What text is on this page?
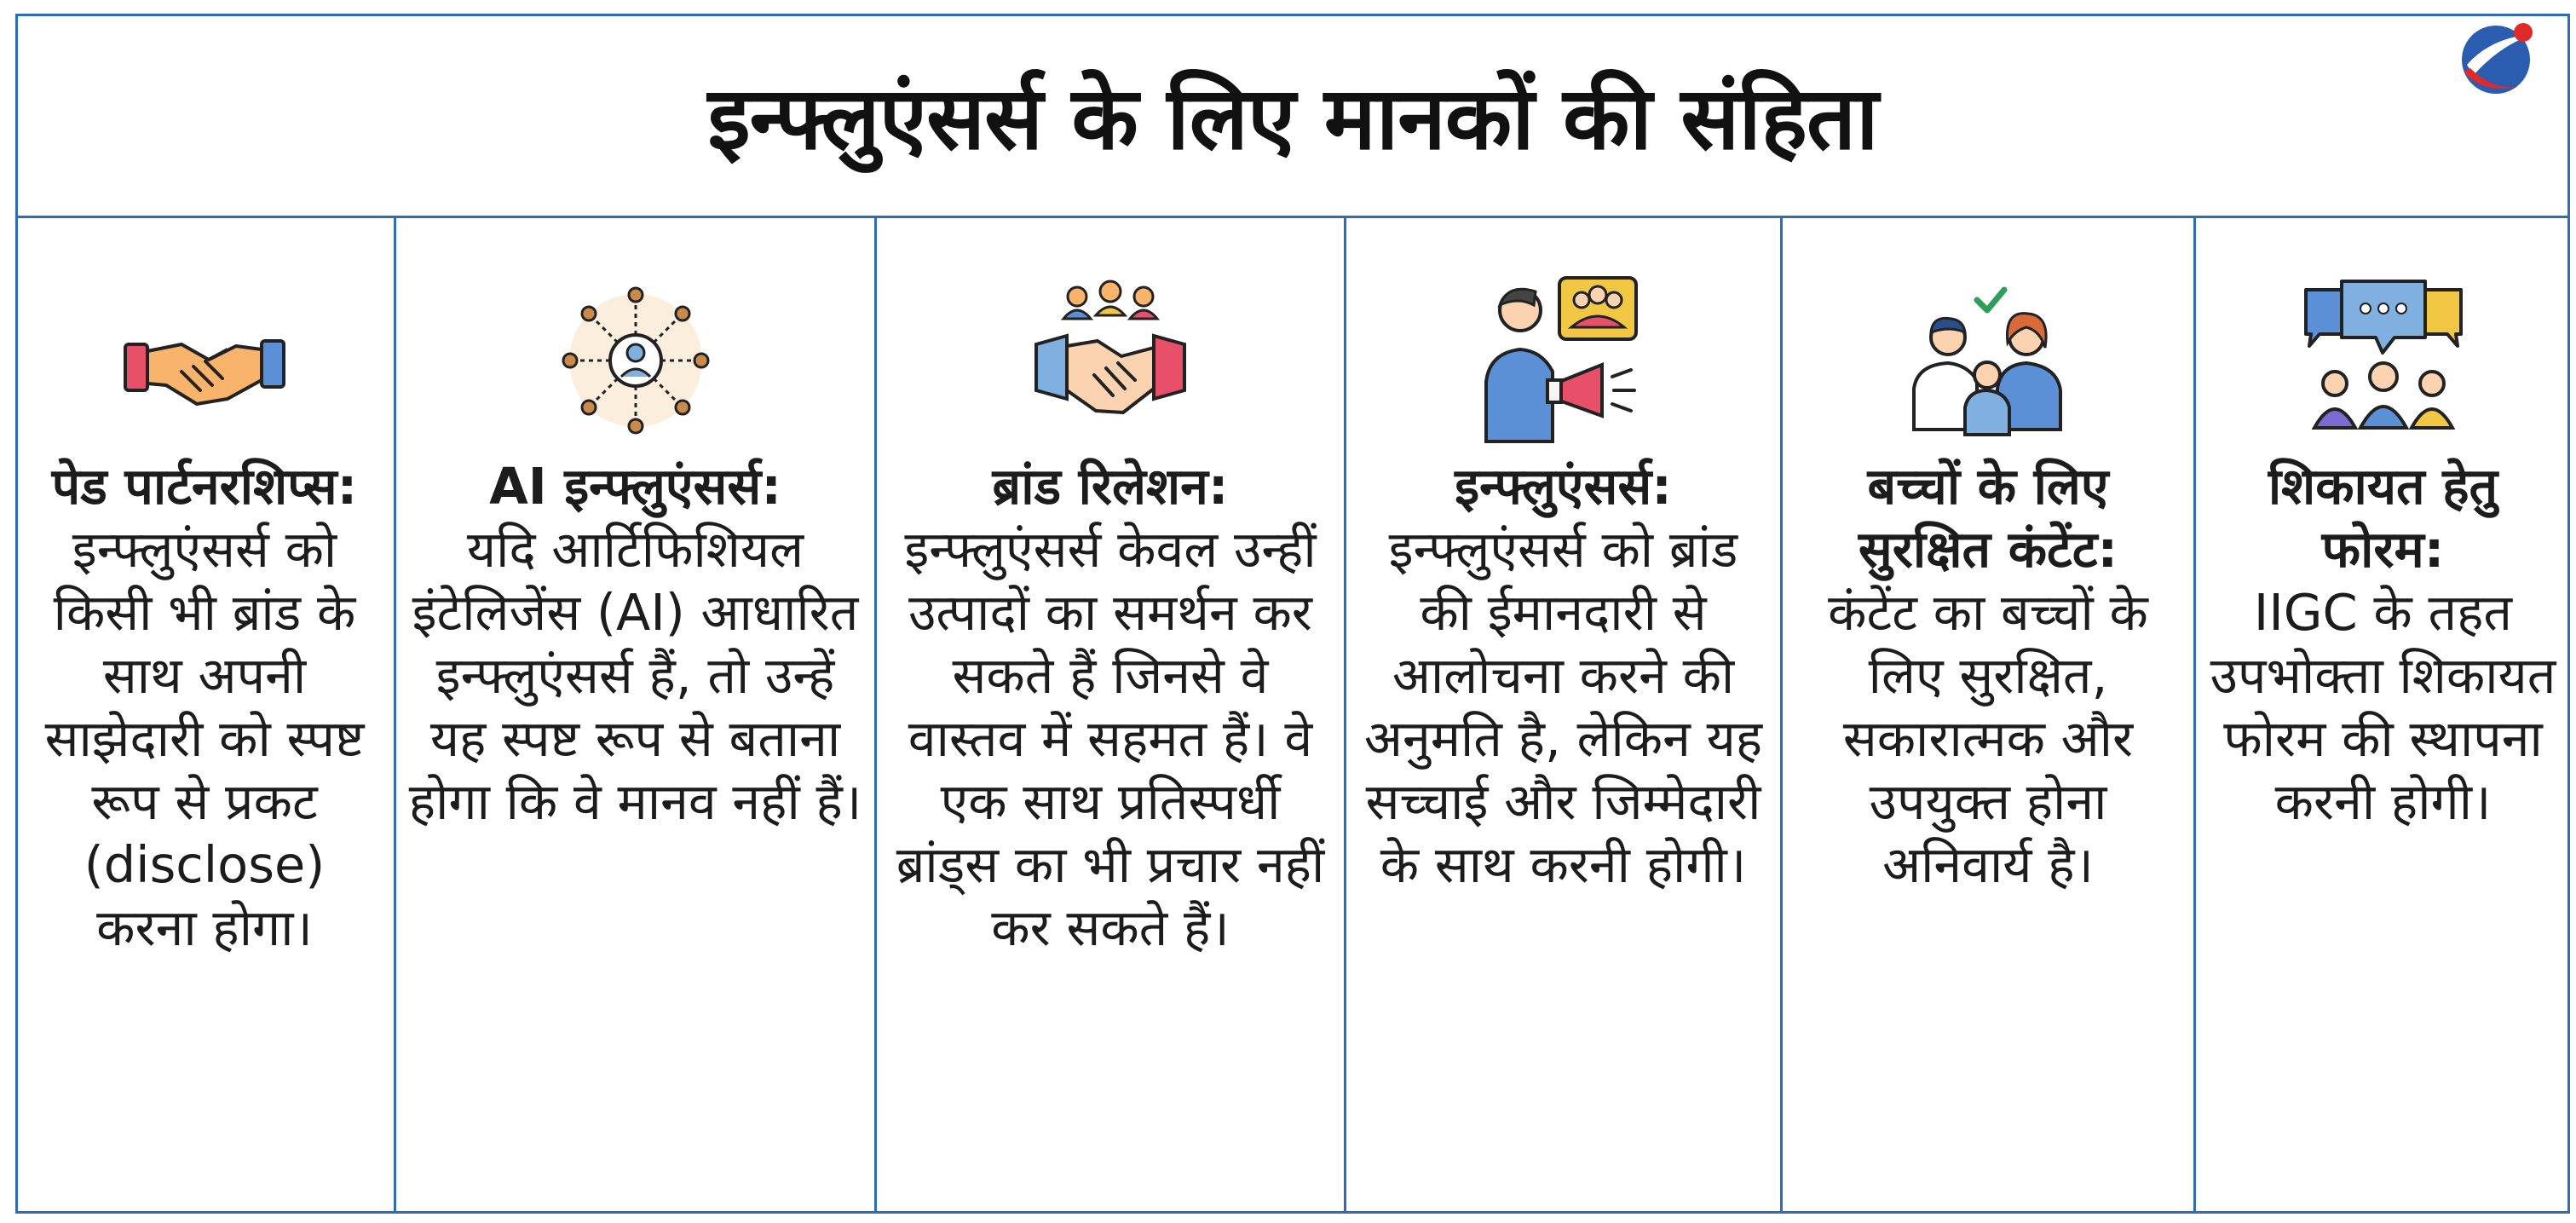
इन्फ्लुएंसर्स के लिए मानकों की संहिता
पेड पार्टनरशिप्स:
इन्फ्लुएंसर्स को किसी भी ब्रांड के साथ अपनी साझेदारी को स्पष्ट रूप से प्रकट (disclose) करना होगा।
AI इन्फ्लुएंसर्स:
यदि आर्टिफिशियल इंटेलिजेंस (AI) आधारित इन्फ्लुएंसर्स हैं, तो उन्हें यह स्पष्ट रूप से बताना होगा कि वे मानव नहीं हैं।
ब्रांड रिलेशन:
इन्फ्लुएंसर्स केवल उन्हीं उत्पादों का समर्थन कर सकते हैं जिनसे वे वास्तव में सहमत हैं। वे एक साथ प्रतिस्पर्धी ब्रांड्स का भी प्रचार नहीं कर सकते हैं।
इन्फ्लुएंसर्स:
इन्फ्लुएंसर्स को ब्रांड की ईमानदारी से आलोचना करने की अनुमति है, लेकिन यह सच्चाई और जिम्मेदारी के साथ करनी होगी।
बच्चों के लिए सुरक्षित कंटेंट:
कंटेंट का बच्चों के लिए सुरक्षित, सकारात्मक और उपयुक्त होना अनिवार्य है।
शिकायत हेतु फोरम:
IIGC के तहत उपभोक्ता शिकायत फोरम की स्थापना करनी होगी।
